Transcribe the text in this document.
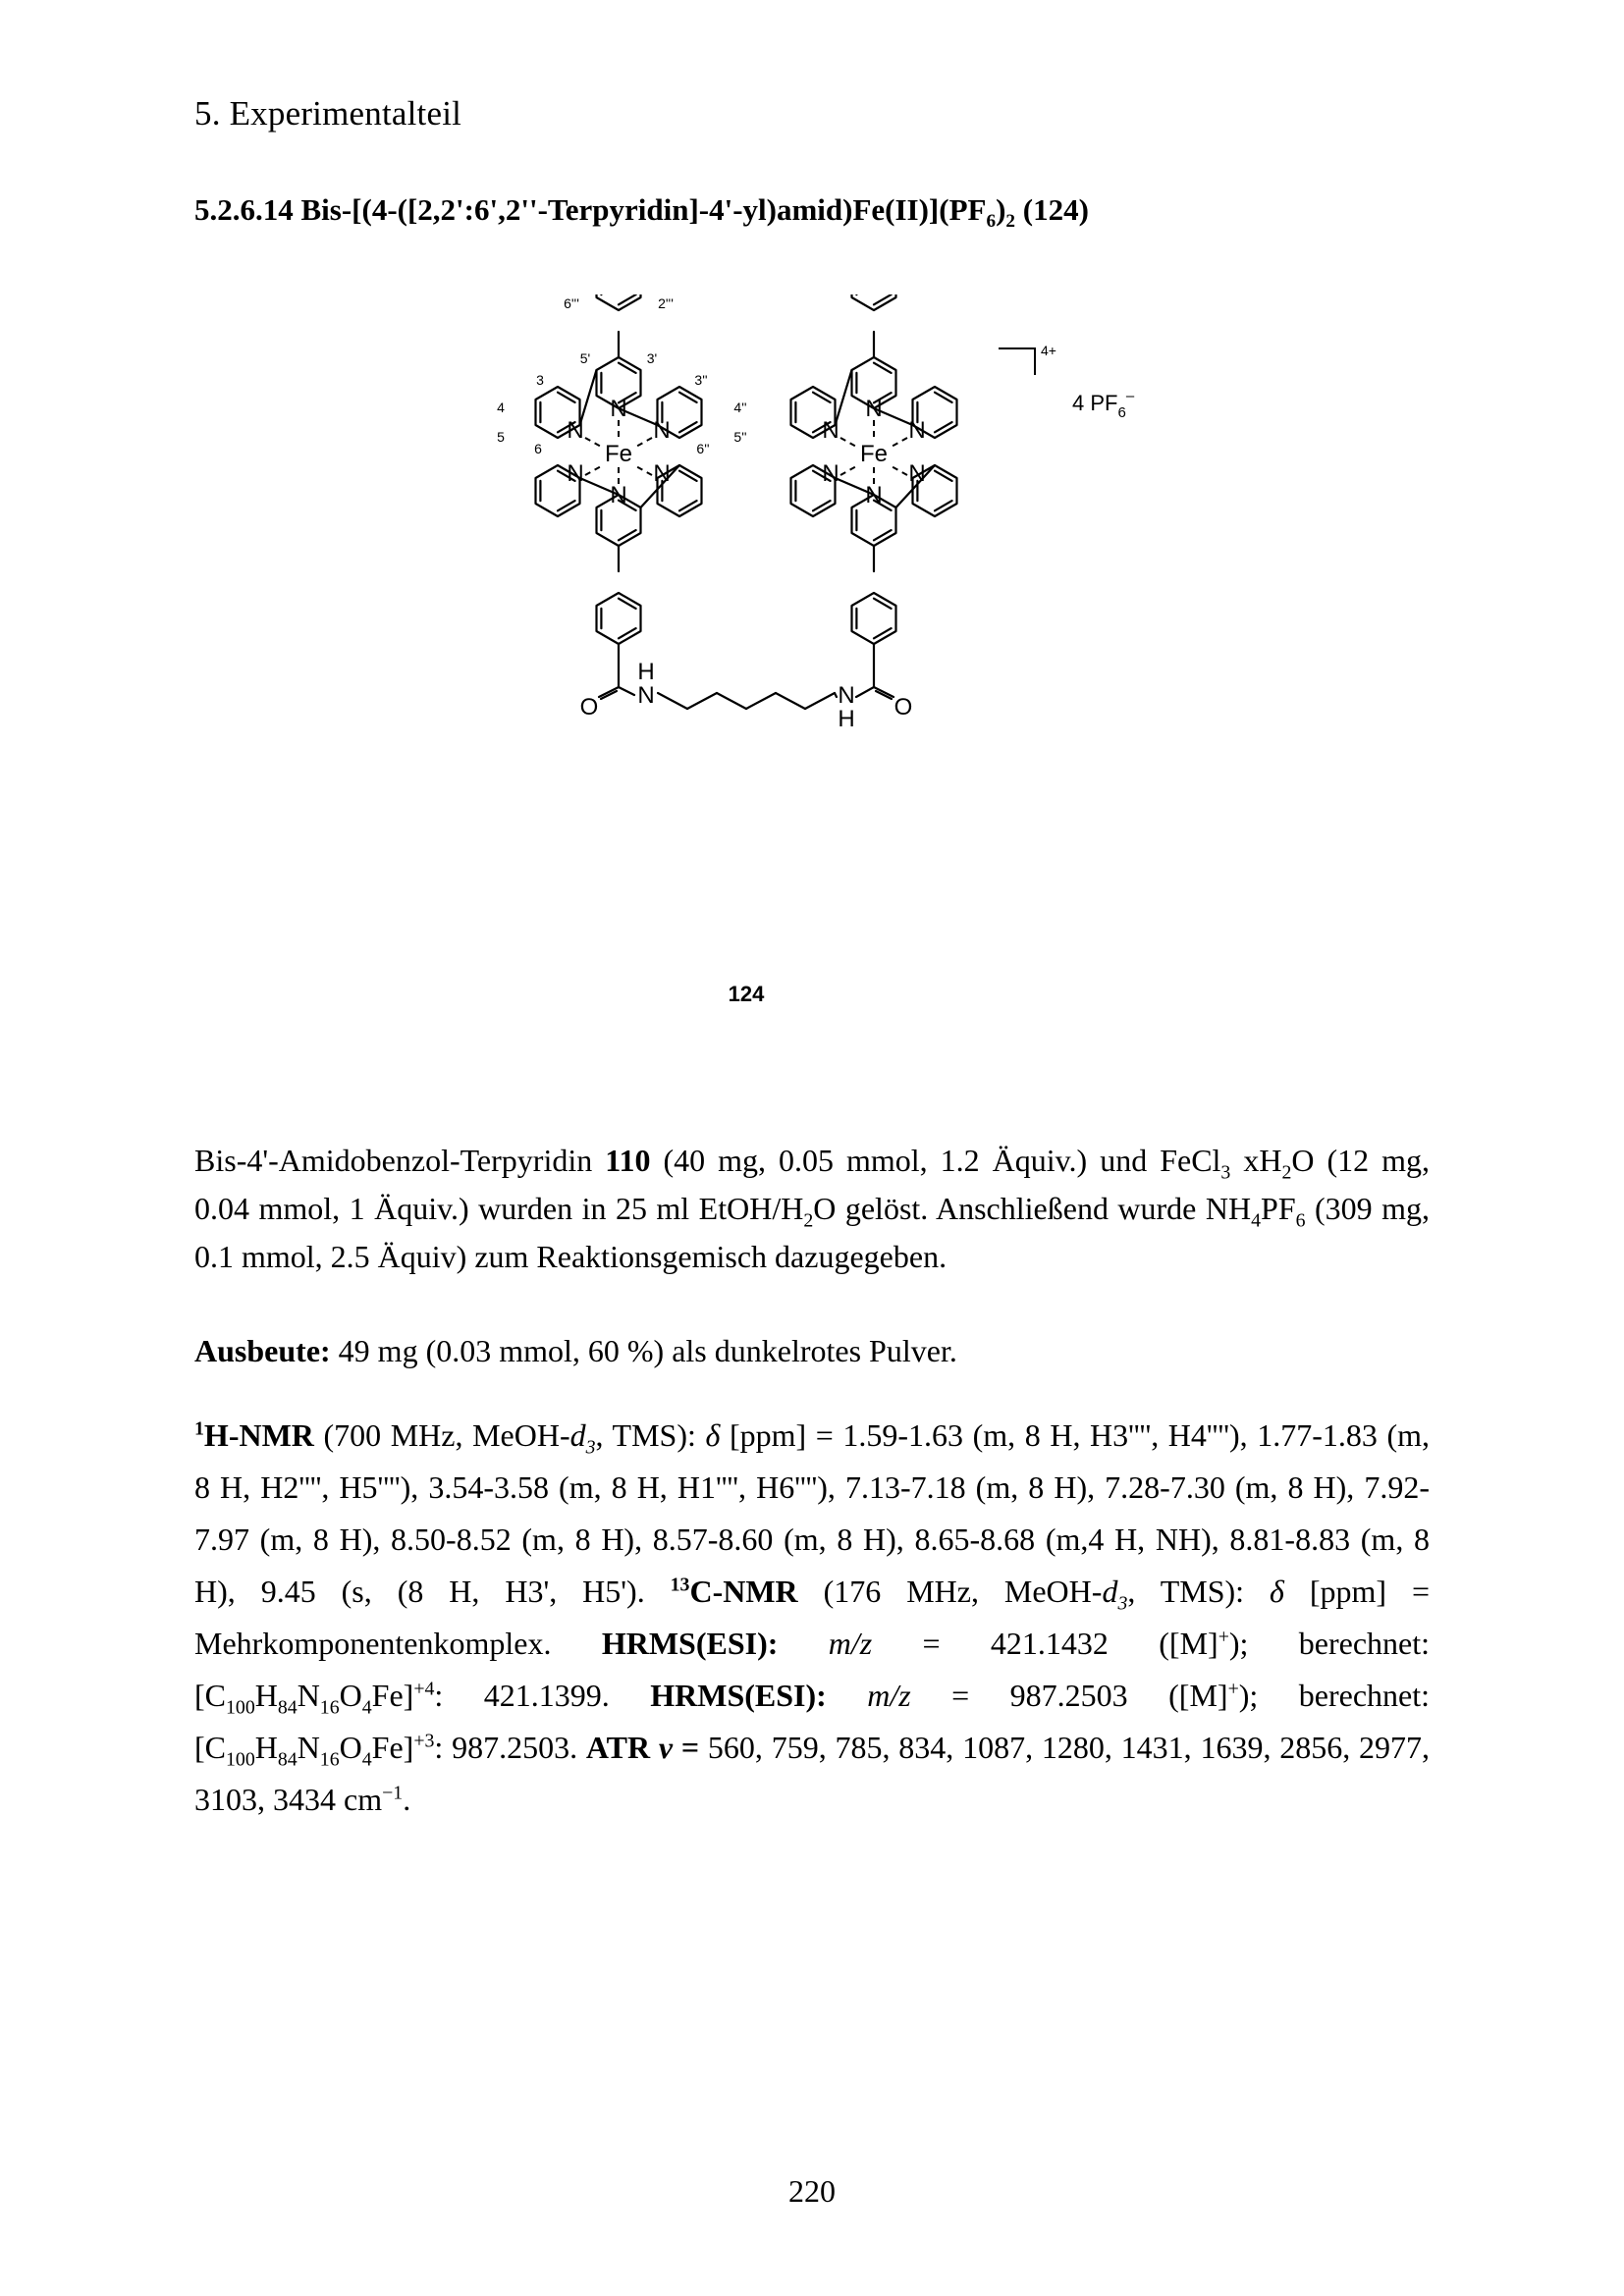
5. Experimentalteil
5.2.6.14 Bis-$[(4-([2,2':6',2''-Terpyridin]-4'-yl)amid)Fe(II)](PF_6)_2$ (124)
N
N	N
N
N	N
Fe
N
N	N
N
N	N
Fe
O N
H
N
H O
6'''	2'''
5'	3'
3	3''
4	4''
5	5''
6	6''
4+
4 $PF_6^-$
124
Bis-4'-Amidobenzol-Terpyridin 110 (40 mg, 0.05 mmol, 1.2 Äquiv.) und FeCl$_3$ $xH_2O$ (12 mg, 0.04 mmol, 1 Äquiv.) wurden in 25 ml EtOH/$H_2O$ gelöst. Anschließend wurde $NH_4PF_6$ (309 mg, 0.1 mmol, 2.5 Äquiv) zum Reaktionsgemisch dazugegeben.
Ausbeute: 49 mg (0.03 mmol, 60 %) als dunkelrotes Pulver.
$^1$H-NMR (700 MHz, MeOH-$d_3$, TMS): δ [ppm] = 1.59-1.63 (m, 8 H, H3'''', H4''''), 1.77-1.83 (m, 8 H, H2'''', H5''''), 3.54-3.58 (m, 8 H, H1'''', H6''''), 7.13-7.18 (m, 8 H), 7.28-7.30 (m, 8 H), 7.92-7.97 (m, 8 H), 8.50-8.52 (m, 8 H), 8.57-8.60 (m, 8 H), 8.65-8.68 (m,4 H, NH), 8.81-8.83 (m, 8 H), 9.45 (s, (8 H, H3', H5'). $^{13}$C-NMR (176 MHz, MeOH-$d_3$, TMS): δ [ppm] = Mehrkomponentenkomplex. HRMS(ESI): m/z = 421.1432 ([M]+); berechnet: $[C_{100}H_{84}N_{16}O_4Fe]^{+4}$: 421.1399. HRMS(ESI): m/z = 987.2503 ([M]+); berechnet: $[C_{100}H_{84}N_{16}O_4Fe]^{+3}$: 987.2503. ATR ν = 560, 759, 785, 834, 1087, 1280, 1431, 1639, 2856, 2977, 3103, 3434 $cm^{-1}$.
220
